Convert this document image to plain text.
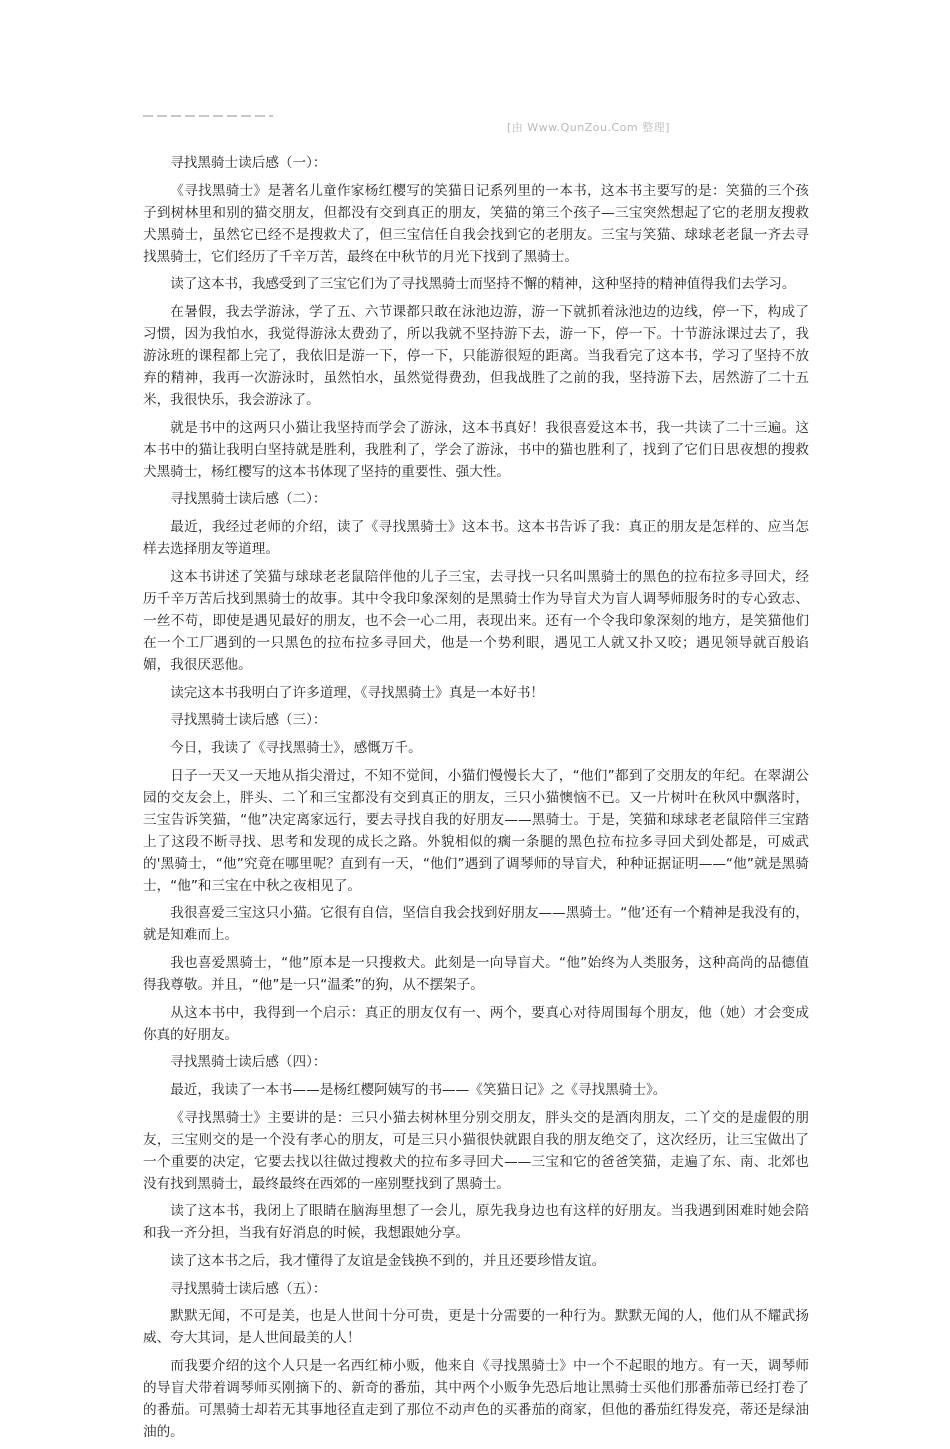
[由 Www.QunZou.Com 整理]

寻找黑骑士读后感（一）：

《寻找黑骑士》是著名儿童作家杨红樱写的笑猫日记系列里的一本书，这本书主要写的是：笑猫的三个孩子到树林里和别的猫交朋友，但都没有交到真正的朋友，笑猫的第三个孩子—三宝突然想起了它的老朋友搜救犬黑骑士，虽然它已经不是搜救犬了，但三宝信任自我会找到它的老朋友。三宝与笑猫、球球老老鼠一齐去寻找黑骑士，它们经历了千辛万苦，最终在中秋节的月光下找到了黑骑士。

读了这本书，我感受到了三宝它们为了寻找黑骑士而坚持不懈的精神，这种坚持的精神值得我们去学习。

在暑假，我去学游泳，学了五、六节课都只敢在泳池边游，游一下就抓着泳池边的边线，停一下，构成了习惯，因为我怕水，我觉得游泳太费劲了，所以我就不坚持游下去，游一下，停一下。十节游泳课过去了，我游泳班的课程都上完了，我依旧是游一下，停一下，只能游很短的距离。当我看完了这本书，学习了坚持不放弃的精神，我再一次游泳时，虽然怕水，虽然觉得费劲，但我战胜了之前的我，坚持游下去，居然游了二十五米，我很快乐，我会游泳了。

就是书中的这两只小猫让我坚持而学会了游泳，这本书真好！我很喜爱这本书，我一共读了二十三遍。这本书中的猫让我明白坚持就是胜利，我胜利了，学会了游泳，书中的猫也胜利了，找到了它们日思夜想的搜救犬黑骑士，杨红樱写的这本书体现了坚持的重要性、强大性。

寻找黑骑士读后感（二）：

最近，我经过老师的介绍，读了《寻找黑骑士》这本书。这本书告诉了我：真正的朋友是怎样的、应当怎样去选择朋友等道理。

这本书讲述了笑猫与球球老老鼠陪伴他的儿子三宝，去寻找一只名叫黑骑士的黑色的拉布拉多寻回犬，经历千辛万苦后找到黑骑士的故事。其中令我印象深刻的是黑骑士作为导盲犬为盲人调琴师服务时的专心致志、一丝不苟，即使是遇见最好的朋友，也不会一心二用，表现出来。还有一个令我印象深刻的地方，是笑猫他们在一个工厂遇到的一只黑色的拉布拉多寻回犬，他是一个势利眼，遇见工人就又扑又咬；遇见领导就百般谄媚，我很厌恶他。

读完这本书我明白了许多道理，《寻找黑骑士》真是一本好书！

寻找黑骑士读后感（三）：

今日，我读了《寻找黑骑士》，感慨万千。

日子一天又一天地从指尖滑过，不知不觉间，小猫们慢慢长大了，“他们”都到了交朋友的年纪。在翠湖公园的交友会上，胖头、二丫和三宝都没有交到真正的朋友，三只小猫懊恼不已。又一片树叶在秋风中飘落时，三宝告诉笑猫，“他”决定离家远行，要去寻找自我的好朋友——黑骑士。于是，笑猫和球球老老鼠陪伴三宝踏上了这段不断寻找、思考和发现的成长之路。外貌相似的瘸一条腿的黑色拉布拉多寻回犬到处都是，可威武的'黑骑士，“他”究竟在哪里呢？直到有一天，“他们”遇到了调琴师的导盲犬，种种证据证明——“他”就是黑骑士，“他”和三宝在中秋之夜相见了。

我很喜爱三宝这只小猫。它很有自信，坚信自我会找到好朋友——黑骑士。“他’还有一个精神是我没有的，就是知难而上。

我也喜爱黑骑士，“他”原本是一只搜救犬。此刻是一向导盲犬。“他”始终为人类服务，这种高尚的品德值得我尊敬。并且，“他”是一只“温柔”的狗，从不摆架子。

从这本书中，我得到一个启示：真正的朋友仅有一、两个，要真心对待周围每个朋友，他（她）才会变成你真的好朋友。

寻找黑骑士读后感（四）：

最近，我读了一本书——是杨红樱阿姨写的书——《笑猫日记》之《寻找黑骑士》。

《寻找黑骑士》主要讲的是：三只小猫去树林里分别交朋友，胖头交的是酒肉朋友，二丫交的是虚假的朋友，三宝则交的是一个没有孝心的朋友，可是三只小猫很快就跟自我的朋友绝交了，这次经历，让三宝做出了一个重要的决定，它要去找以往做过搜救犬的拉布多寻回犬——三宝和它的爸爸笑猫，走遍了东、南、北郊也没有找到黑骑士，最终最终在西郊的一座别墅找到了黑骑士。

读了这本书，我闭上了眼睛在脑海里想了一会儿，原先我身边也有这样的好朋友。当我遇到困难时她会陪和我一齐分担，当我有好消息的时候，我想跟她分享。

读了这本书之后，我才懂得了友谊是金钱换不到的，并且还要珍惜友谊。

寻找黑骑士读后感（五）：

默默无闻，不可是美，也是人世间十分可贵，更是十分需要的一种行为。默默无闻的人，他们从不耀武扬威、夸大其词，是人世间最美的人！

而我要介绍的这个人只是一名西红柿小贩，他来自《寻找黑骑士》中一个不起眼的地方。有一天，调琴师的导盲犬带着调琴师买刚摘下的、新奇的番茄，其中两个小贩争先恐后地让黑骑士买他们那番茄蒂已经打卷了的番茄。可黑骑士却若无其事地径直走到了那位不动声色的买番茄的商家，但他的番茄红得发亮，蒂还是绿油油的。
